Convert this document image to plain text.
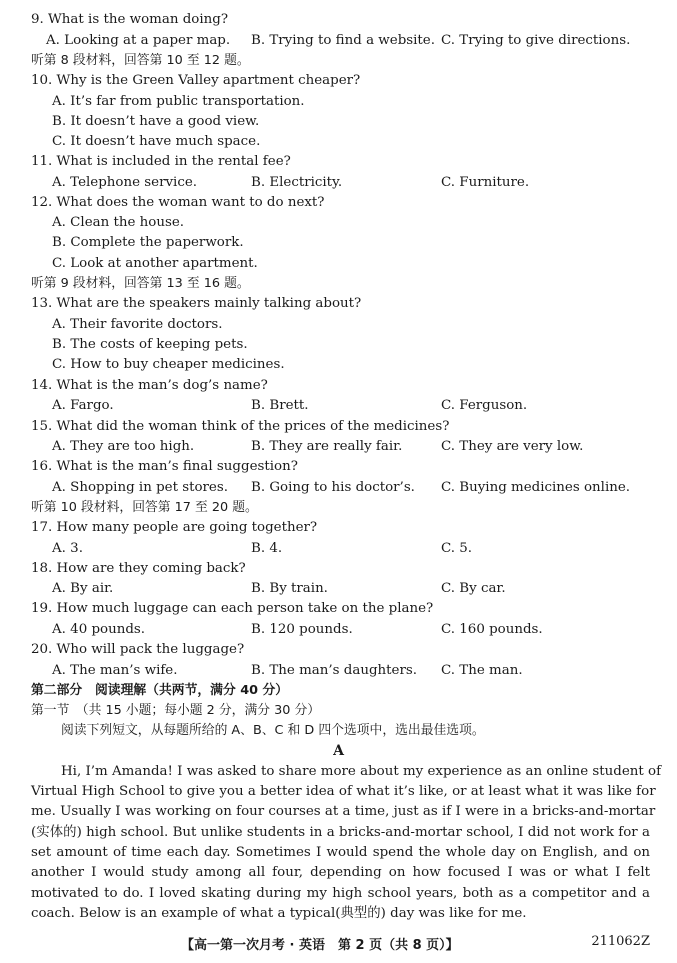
9. What is the woman doing?
A. Looking at a paper map. B. Trying to find a website. C. Trying to give directions.
听第 8 段材料，回答第 10 至 12 题。
10. Why is the Green Valley apartment cheaper?
A. It’s far from public transportation.
B. It doesn’t have a good view.
C. It doesn’t have much space.
11. What is included in the rental fee?
A. Telephone service.	B. Electricity.	C. Furniture.
12. What does the woman want to do next?
A. Clean the house.
B. Complete the paperwork.
C. Look at another apartment.
听第 9 段材料，回答第 13 至 16 题。
13. What are the speakers mainly talking about?
A. Their favorite doctors.
B. The costs of keeping pets.
C. How to buy cheaper medicines.
14. What is the man’s dog’s name?
A. Fargo.	B. Brett.	C. Ferguson.
15. What did the woman think of the prices of the medicines?
A. They are too high.	B. They are really fair.	C. They are very low.
16. What is the man’s final suggestion?
A. Shopping in pet stores. B. Going to his doctor’s. C. Buying medicines online.
听第 10 段材料，回答第 17 至 20 题。
17. How many people are going together?
A. 3.	B. 4.	C. 5.
18. How are they coming back?
A. By air.	B. By train.	C. By car.
19. How much luggage can each person take on the plane?
A. 40 pounds.	B. 120 pounds.	C. 160 pounds.
20. Who will pack the luggage?
A. The man’s wife.	B. The man’s daughters. C. The man.
第二部分　阅读理解（共两节，满分 40 分）
第一节　（共 15 小题；每小题 2 分，满分 30 分）
阅读下列短文，从每题所给的 A、B、C 和 D 四个选项中，选出最佳选项。
A
Hi, I’m Amanda! I was asked to share more about my experience as an online student of
Virtual High School to give you a better idea of what it’s like, or at least what it was like for
me. Usually I was working on four courses at a time, just as if I were in a bricks-and-mortar
(实体的) high school. But unlike students in a bricks-and-mortar school, I did not work for a
set amount of time each day. Sometimes I would spend the whole day on English, and on
another I would study among all four, depending on how focused I was or what I felt
motivated to do. I loved skating during my high school years, both as a competitor and a
coach. Below is an example of what a typical(典型的) day was like for me.
【高一第一次月考 · 英语　第 2 页（共 8 页）】	211062Z
